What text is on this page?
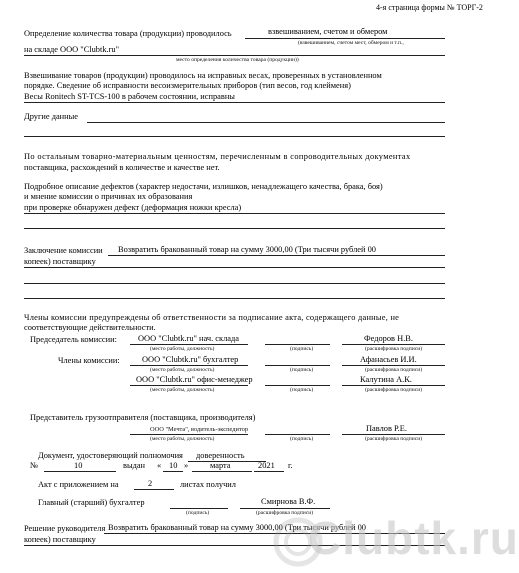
4-я страница формы № ТОРГ-2
Определение количества товара (продукции) проводилось	взвешиванием, счетом и обмером
(взвешиванием, счетом мест, обмером и т.п.,
на складе ООО "Clubtk.ru"
место определения количества товара (продукции))
Взвешивание товаров (продукции) проводилось на исправных весах, проверенных в установленном
порядке. Сведение об исправности весоизмерительных приборов (тип весов, год клейменя)
Весы Ronitech ST-TCS-100 в рабочем состоянии, исправны
Другие данные
По остальным товарно-материальным ценностям, перечисленным в сопроводительных документах
поставщика, расхождений в количестве и качестве нет.
Подробное описание дефектов (характер недостачи, излишков, ненадлежащего качества, брака, боя)
и мнение комиссии о причинах их образования
при проверке обнаружен дефект (деформация ножки кресла)
Заключение комиссии Возвратить бракованный товар на сумму 3000,00 (Три тысячи рублей 00
копеек) поставщику
Члены комиссии предупреждены об ответственности за подписание акта, содержащего данные, не
соответствующие действительности.
Председатель комиссии:	ООО "Clubtk.ru" нач. склада	Федоров Н.В.
(место работы, должность)	(подпись)	(расшифровка подписи)
Члены комиссии:	ООО "Clubtk.ru" бухгалтер	Афанасьев И.И.
(место работы, должность)	(подпись)	(расшифровка подписи)
ООО "Clubtk.ru" офис-менеджер	Калутина А.К.
(место работы, должность)	(подпись)	(расшифровка подписи)
Представитель грузоотправителя (поставщика, производителя)
ООО "Мечта", водитель-экспедитор	Павлов Р.Е.
(место работы, должность)	(подпись)	(расшифровка подписи)
Документ, удостоверяющий полномочия доверенность
№	10	выдан « 10 »	марта	2021 г.
Акт с приложением на	2	листах получил
Главный (старший) бухгалтер	Смирнова В.Ф.
(подпись)	(расшифровка подписи)
Решение руководителя Возвратить бракованный товар на сумму 3000,00 (Три тысячи рублей 00
копеек) поставщику	Clubtk.ru
